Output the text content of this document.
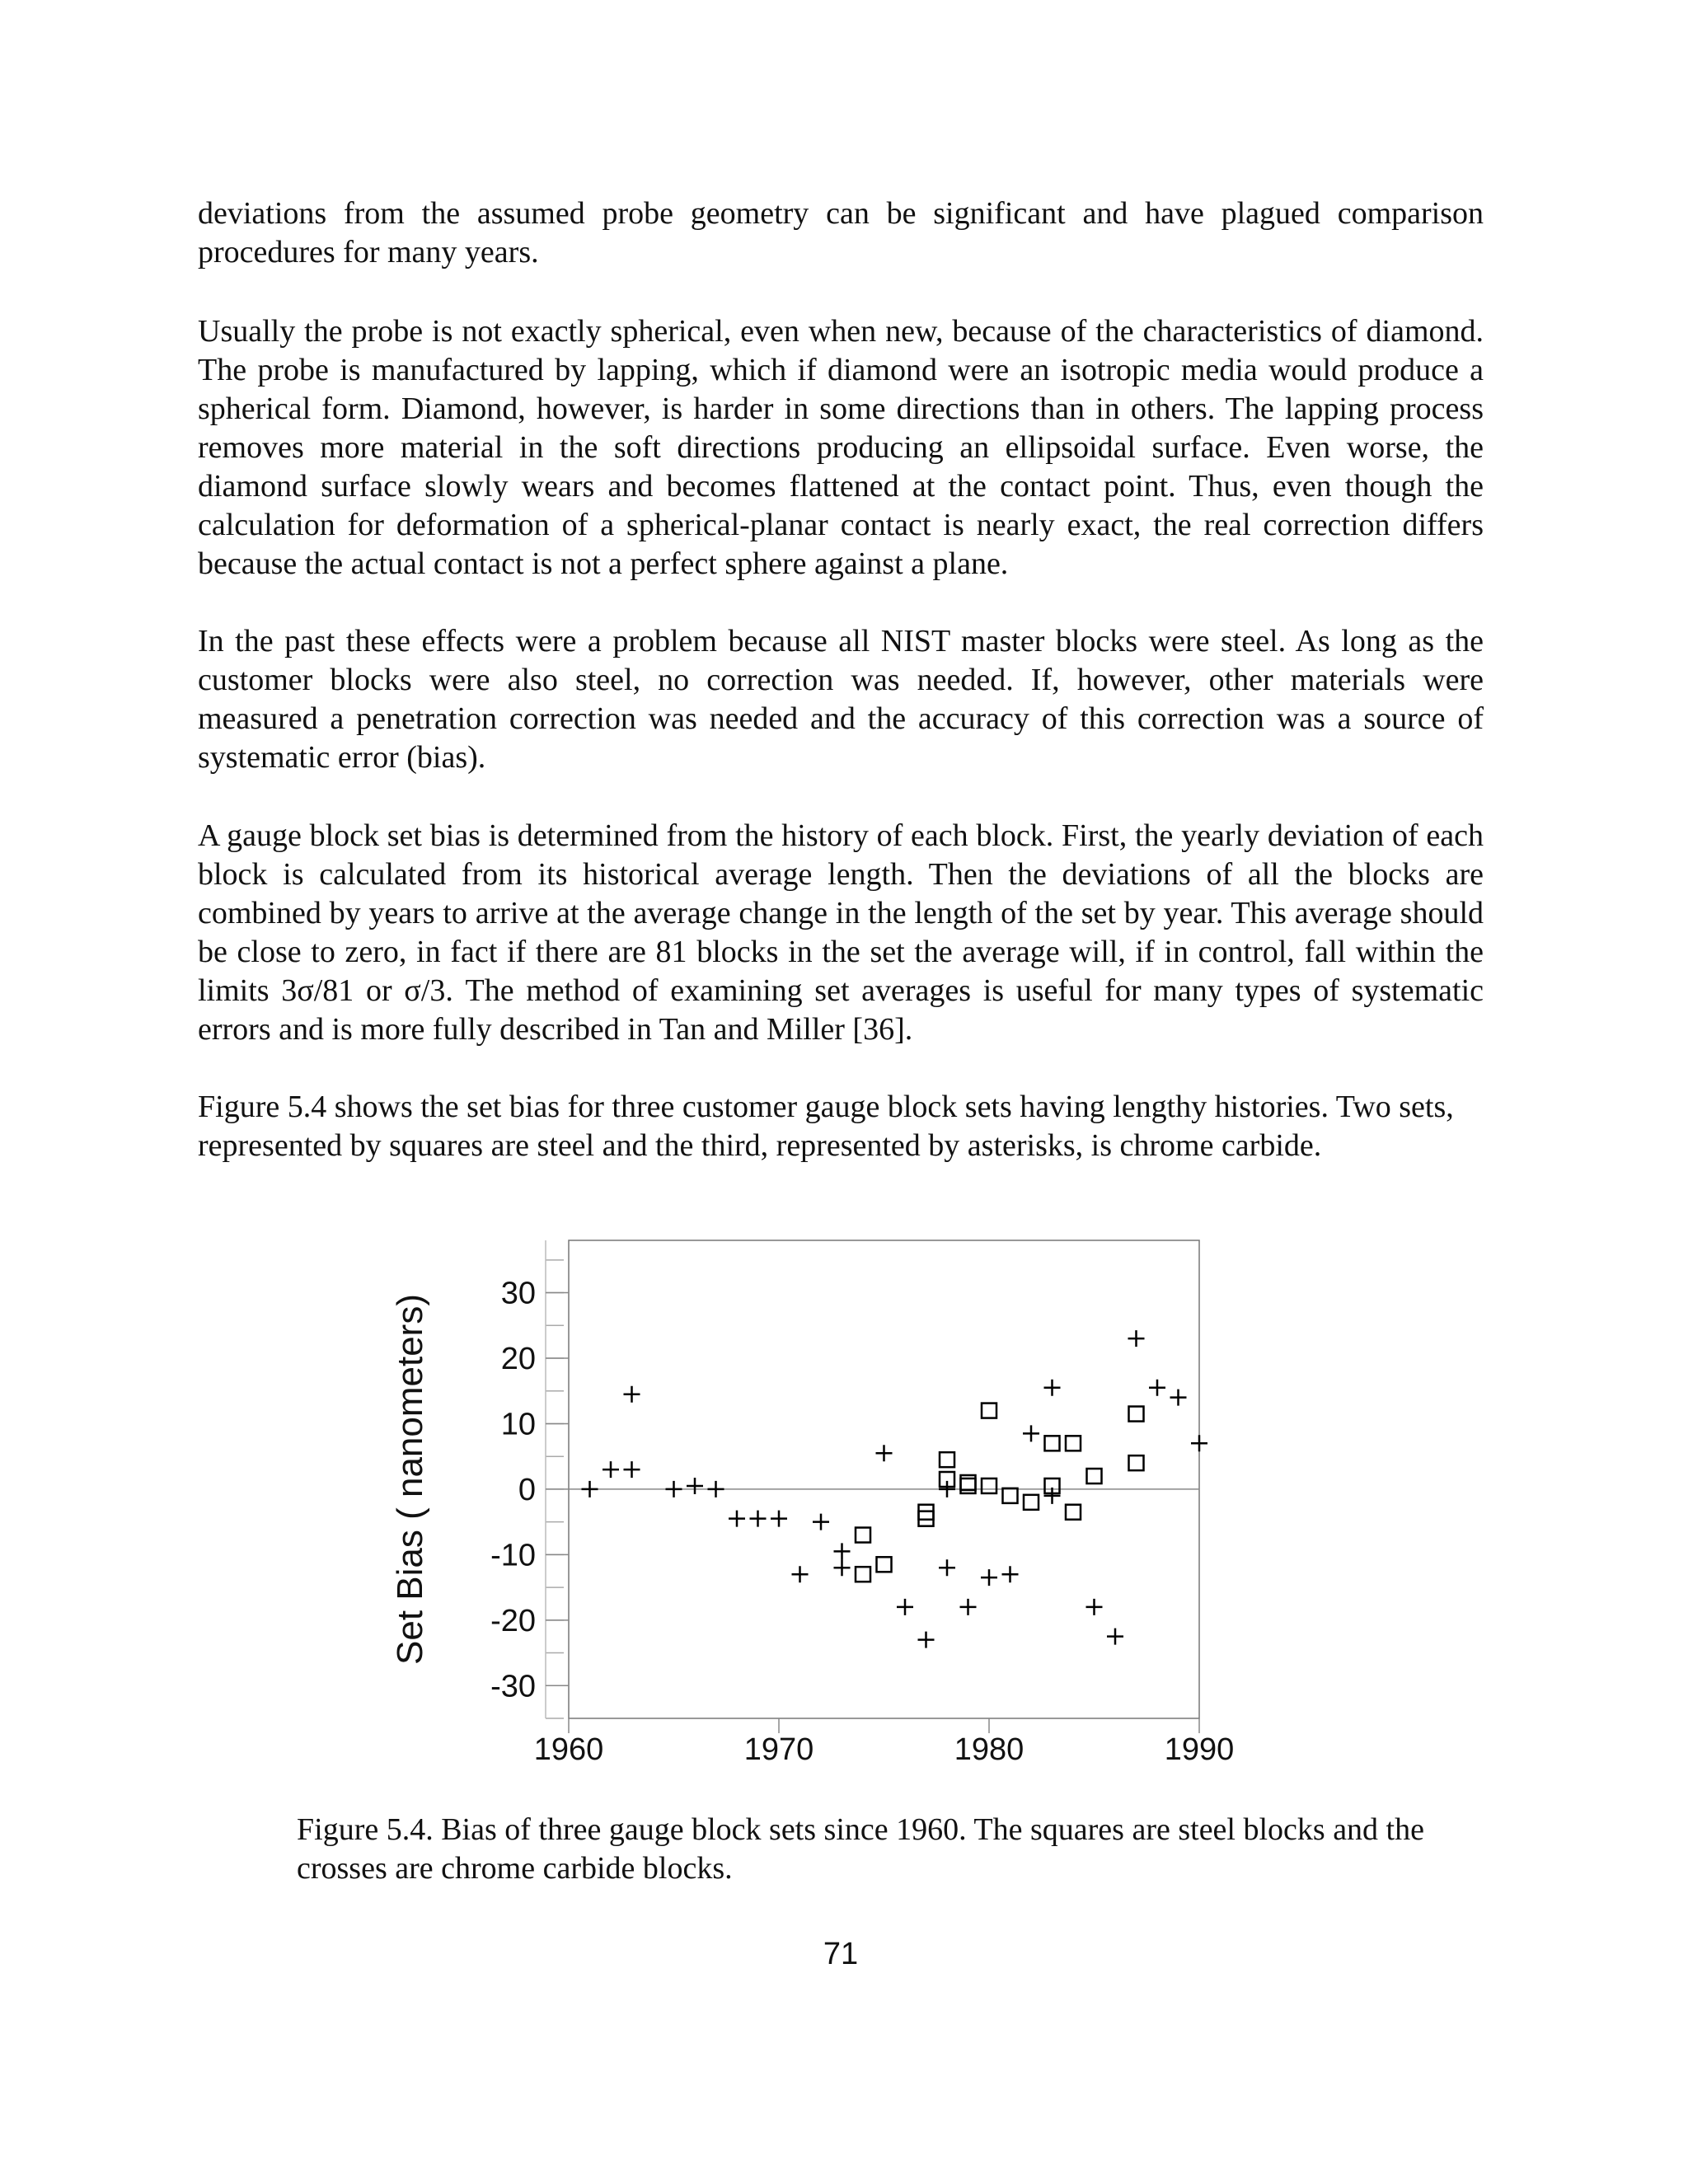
deviations from the assumed probe geometry can be significant and have plagued comparison procedures for many years.

Usually the probe is not exactly spherical, even when new, because of the characteristics of diamond. The probe is manufactured by lapping, which if diamond were an isotropic media would produce a spherical form. Diamond, however, is harder in some directions than in others. The lapping process removes more material in the soft directions producing an ellipsoidal surface. Even worse, the diamond surface slowly wears and becomes flattened at the contact point. Thus, even though the calculation for deformation of a spherical-planar contact is nearly exact, the real correction differs because the actual contact is not a perfect sphere against a plane.

In the past these effects were a problem because all NIST master blocks were steel. As long as the customer blocks were also steel, no correction was needed. If, however, other materials were measured a penetration correction was needed and the accuracy of this correction was a source of systematic error (bias).

A gauge block set bias is determined from the history of each block. First, the yearly deviation of each block is calculated from its historical average length. Then the deviations of all the blocks are combined by years to arrive at the average change in the length of the set by year. This average should be close to zero, in fact if there are 81 blocks in the set the average will, if in control, fall within the limits 3σ/81 or σ/3. The method of examining set averages is useful for many types of systematic errors and is more fully described in Tan and Miller [36].

Figure 5.4 shows the set bias for three customer gauge block sets having lengthy histories. Two sets, represented by squares are steel and the third, represented by asterisks, is chrome carbide.

30
20
10
0
-10
-20
-30
1960	1970	1980	1990
Set Bias ( nanometers)

Figure 5.4. Bias of three gauge block sets since 1960. The squares are steel blocks and the crosses are chrome carbide blocks.

71
